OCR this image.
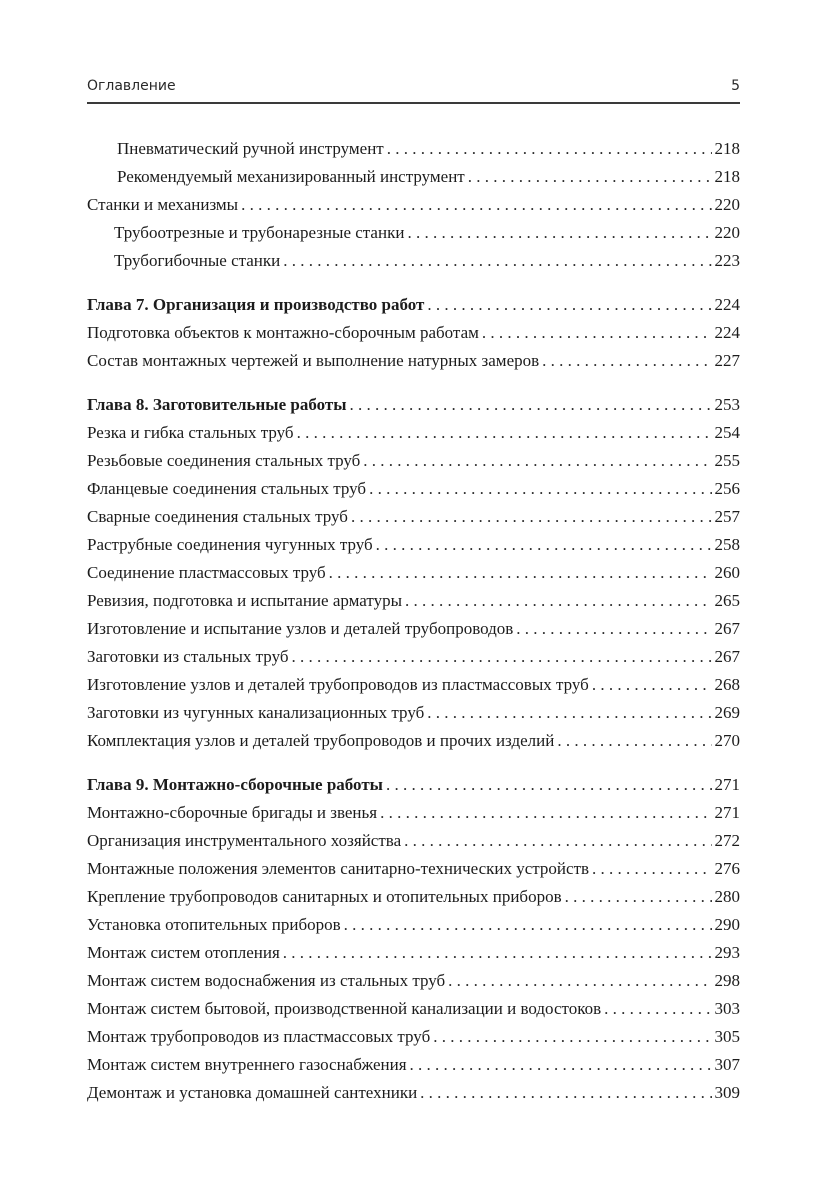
Оглавление	5
Пневматический ручной инструмент . . .	218
Рекомендуемый механизированный инструмент . . .	218
Станки и механизмы . . .	220
Трубоотрезные и трубонарезные станки . . .	220
Трубогибочные станки . . .	223
Глава 7. Организация и производство работ . . .	224
Подготовка объектов к монтажно-сборочным работам . . .	224
Состав монтажных чертежей и выполнение натурных замеров . . .	227
Глава 8. Заготовительные работы . . .	253
Резка и гибка стальных труб . . .	254
Резьбовые соединения стальных труб . . .	255
Фланцевые соединения стальных труб . . .	256
Сварные соединения стальных труб . . .	257
Раструбные соединения чугунных труб . . .	258
Соединение пластмассовых труб . . .	260
Ревизия, подготовка и испытание арматуры . . .	265
Изготовление и испытание узлов и деталей трубопроводов . . .	267
Заготовки из стальных труб . . .	267
Изготовление узлов и деталей трубопроводов из пластмассовых труб . . .	268
Заготовки из чугунных канализационных труб . . .	269
Комплектация узлов и деталей трубопроводов и прочих изделий . . .	270
Глава 9. Монтажно-сборочные работы . . .	271
Монтажно-сборочные бригады и звенья . . .	271
Организация инструментального хозяйства . . .	272
Монтажные положения элементов санитарно-технических устройств . . .	276
Крепление трубопроводов санитарных и отопительных приборов . . .	280
Установка отопительных приборов . . .	290
Монтаж систем отопления . . .	293
Монтаж систем водоснабжения из стальных труб . . .	298
Монтаж систем бытовой, производственной канализации и водостоков . . .	303
Монтаж трубопроводов из пластмассовых труб . . .	305
Монтаж систем внутреннего газоснабжения . . .	307
Демонтаж и установка домашней сантехники . . .	309
